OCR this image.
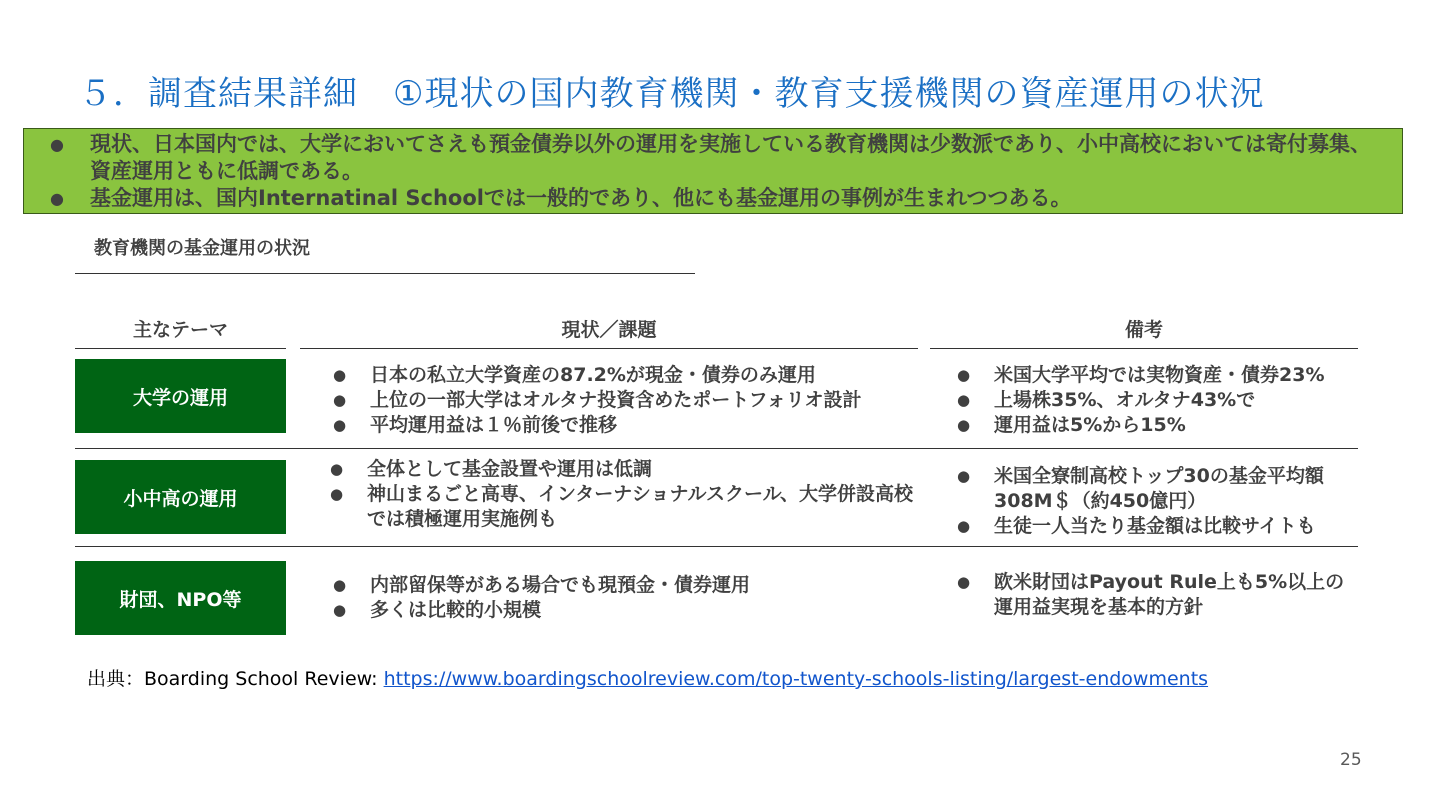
５．調査結果詳細　①現状の国内教育機関・教育支援機関の資産運用の状況
● 現状、日本国内では、大学においてさえも預金債券以外の運用を実施している教育機関は少数派であり、小中高校においては寄付募集、資産運用ともに低調である。
● 基金運用は、国内Internatinal Schoolでは一般的であり、他にも基金運用の事例が生まれつつある。
教育機関の基金運用の状況
主なテーマ	現状／課題	備考
大学の運用
● 日本の私立大学資産の87.2%が現金・債券のみ運用
● 上位の一部大学はオルタナ投資含めたポートフォリオ設計
● 平均運用益は１％前後で推移
● 米国大学平均では実物資産・債券23%
● 上場株35%、オルタナ43%で
● 運用益は5%から15%
小中高の運用
● 全体として基金設置や運用は低調
● 神山まるごと高専、インターナショナルスクール、大学併設高校では積極運用実施例も
● 米国全寮制高校トップ30の基金平均額308M＄（約450億円）
● 生徒一人当たり基金額は比較サイトも
財団、NPO等
● 内部留保等がある場合でも現預金・債券運用
● 多くは比較的小規模
● 欧米財団はPayout Rule上も5%以上の運用益実現を基本的方針
出典：Boarding School Review: https://www.boardingschoolreview.com/top-twenty-schools-listing/largest-endowments
25
